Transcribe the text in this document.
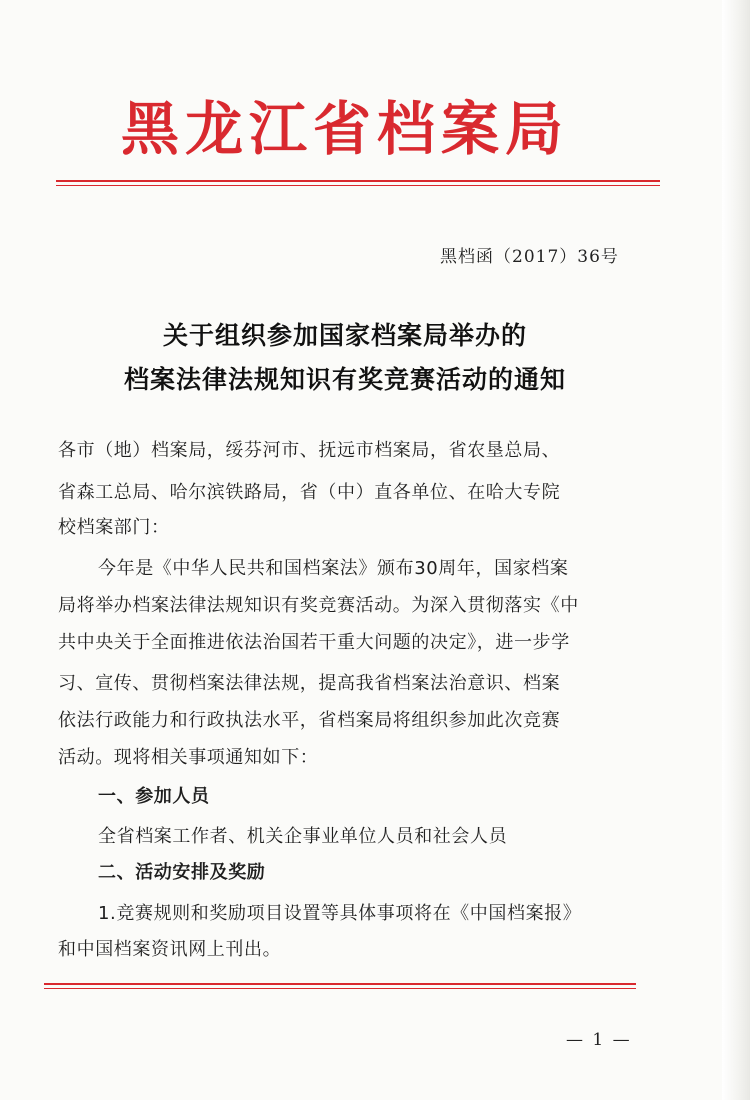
黑龙江省档案局
黑档函（2017）36号
关于组织参加国家档案局举办的
档案法律法规知识有奖竞赛活动的通知
各市（地）档案局，绥芬河市、抚远市档案局，省农垦总局、
省森工总局、哈尔滨铁路局，省（中）直各单位、在哈大专院
校档案部门：
今年是《中华人民共和国档案法》颁布30周年，国家档案
局将举办档案法律法规知识有奖竞赛活动。为深入贯彻落实《中
共中央关于全面推进依法治国若干重大问题的决定》，进一步学
习、宣传、贯彻档案法律法规，提高我省档案法治意识、档案
依法行政能力和行政执法水平，省档案局将组织参加此次竞赛
活动。现将相关事项通知如下：
一、参加人员
全省档案工作者、机关企事业单位人员和社会人员
二、活动安排及奖励
1.竞赛规则和奖励项目设置等具体事项将在《中国档案报》
和中国档案资讯网上刊出。
— 1 —
